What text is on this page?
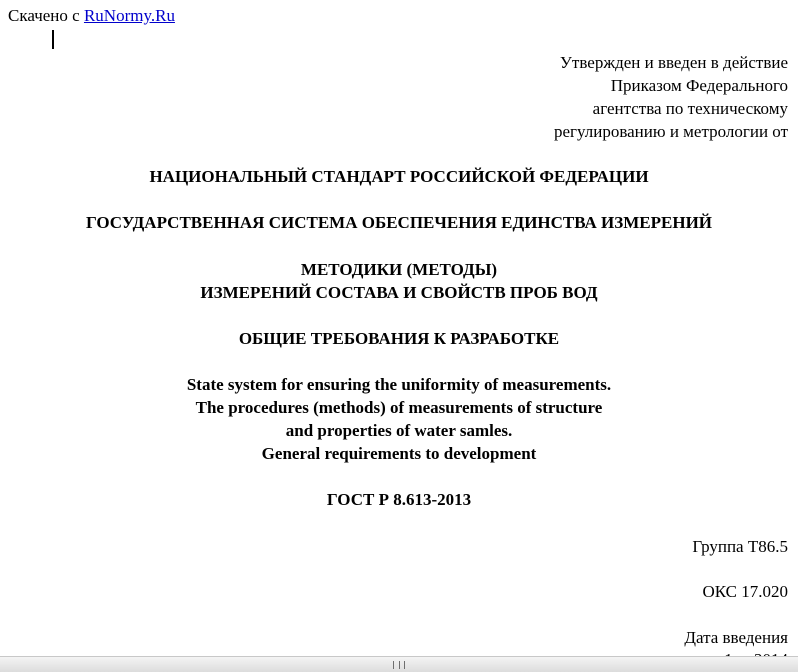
Скачено с RuNormy.Ru
Утвержден и введен в действие
Приказом Федерального
агентства по техническому
регулированию и метрологии от
НАЦИОНАЛЬНЫЙ СТАНДАРТ РОССИЙСКОЙ ФЕДЕРАЦИИ
ГОСУДАРСТВЕННАЯ СИСТЕМА ОБЕСПЕЧЕНИЯ ЕДИНСТВА ИЗМЕРЕНИЙ
МЕТОДИКИ (МЕТОДЫ)
ИЗМЕРЕНИЙ СОСТАВА И СВОЙСТВ ПРОБ ВОД
ОБЩИЕ ТРЕБОВАНИЯ К РАЗРАБОТКЕ
State system for ensuring the uniformity of measurements.
The procedures (methods) of measurements of structure
and properties of water samles.
General requirements to development
ГОСТ Р 8.613-2013
Группа Т86.5
ОКС 17.020
Дата введения
